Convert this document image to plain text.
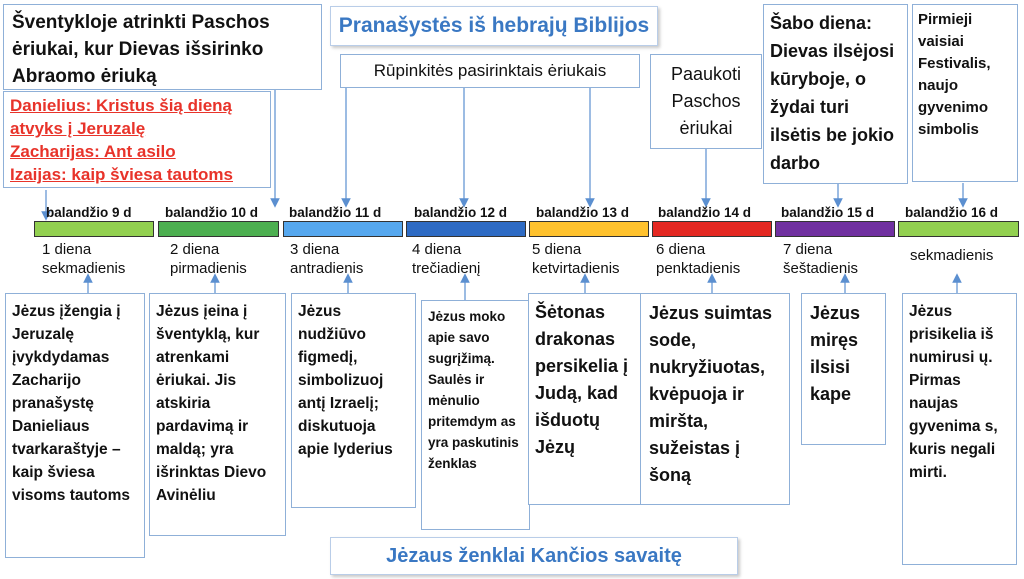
Šventykloje atrinkti Paschos ėriukai, kur Dievas išsirinko Abraomo ėriuką
Danielius: Kristus šią dieną atvyks į Jeruzalę
Zacharijas: Ant asilo
Izaijas: kaip šviesa tautoms
Pranašystės iš hebrajų Biblijos
Rūpinkitės pasirinktais ėriukais	Paaukoti Paschos ėriukai
Šabo diena: Dievas ilsėjosi kūryboje, o žydai turi ilsėtis be jokio darbo
Pirmieji vaisiai Festivalis, naujo gyvenimo simbolis
balandžio 9 d balandžio 10 d balandžio 11 d balandžio 12 d balandžio 13 d balandžio 14 d balandžio 15 d balandžio 16 d
1 diena
sekmadienis
2 diena
pirmadienis
3 diena
antradienis
4 diena
trečiadienį
5 diena
ketvirtadienis
6 diena
penktadienis
7 diena
šeštadienis
sekmadienis
Jėzus įžengia į Jeruzalę įvykdydamas Zacharijo pranašystę Danieliaus tvarkaraštyje – kaip šviesa visoms tautoms
Jėzus įeina į šventyklą, kur atrenkami ėriukai. Jis atskiria pardavimą ir maldą; yra išrinktas Dievo Avinėliu
Jėzus nudžiūvo figmedį, simbolizuoj antį Izraelį; diskutuoja apie lyderius
Jėzus moko apie savo sugrįžimą. Saulės ir mėnulio pritemdym as yra paskutinis ženklas
Šėtonas drakonas persikelia į Judą, kad išduotų Jėzų
Jėzus suimtas sode, nukryžiuotas, kvėpuoja ir miršta, sužeistas į šoną
Jėzus miręs ilsisi kape
Jėzus prisikelia iš numirusi ų. Pirmas naujas gyvenima s, kuris negali mirti.
Jėzaus ženklai Kančios savaitę
